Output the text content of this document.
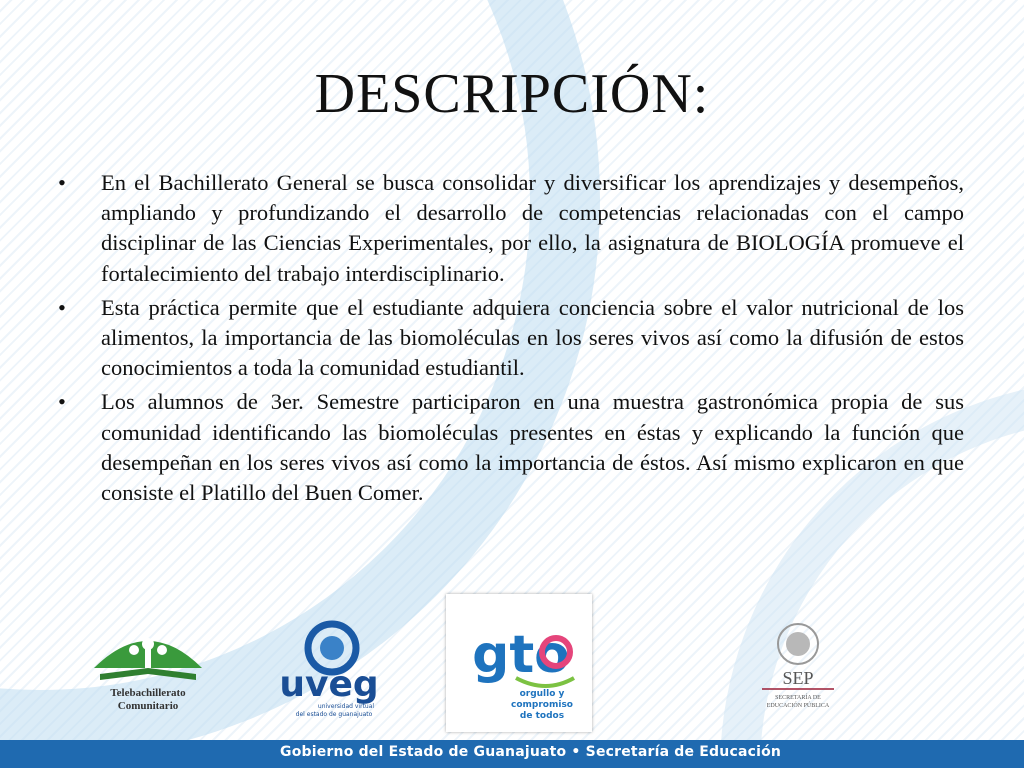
DESCRIPCIÓN:
• En el Bachillerato General se busca consolidar y diversificar los aprendizajes y desempeños, ampliando y profundizando el desarrollo de competencias relacionadas con el campo disciplinar de las Ciencias Experimentales, por ello, la asignatura de BIOLOGÍA promueve el fortalecimiento del trabajo interdisciplinario.
• Esta práctica permite que el estudiante adquiera conciencia sobre el valor nutricional de los alimentos, la importancia de las biomoléculas en los seres vivos así como la difusión de estos conocimientos a toda la comunidad estudiantil.
• Los alumnos de 3er. Semestre participaron en una muestra gastronómica propia de sus comunidad identificando las biomoléculas presentes en éstas y explicando la función que desempeñan en los seres vivos así como la importancia de éstos. Así mismo explicaron en que consiste el Platillo del Buen Comer.
Telebachillerato
Comunitario
uveg
universidad virtual
del estado de guanajuato
gto
orgullo y
compromiso
de todos
SEP
SECRETARÍA DE
EDUCACIÓN PÚBLICA
Gobierno del Estado de Guanajuato • Secretaría de Educación
